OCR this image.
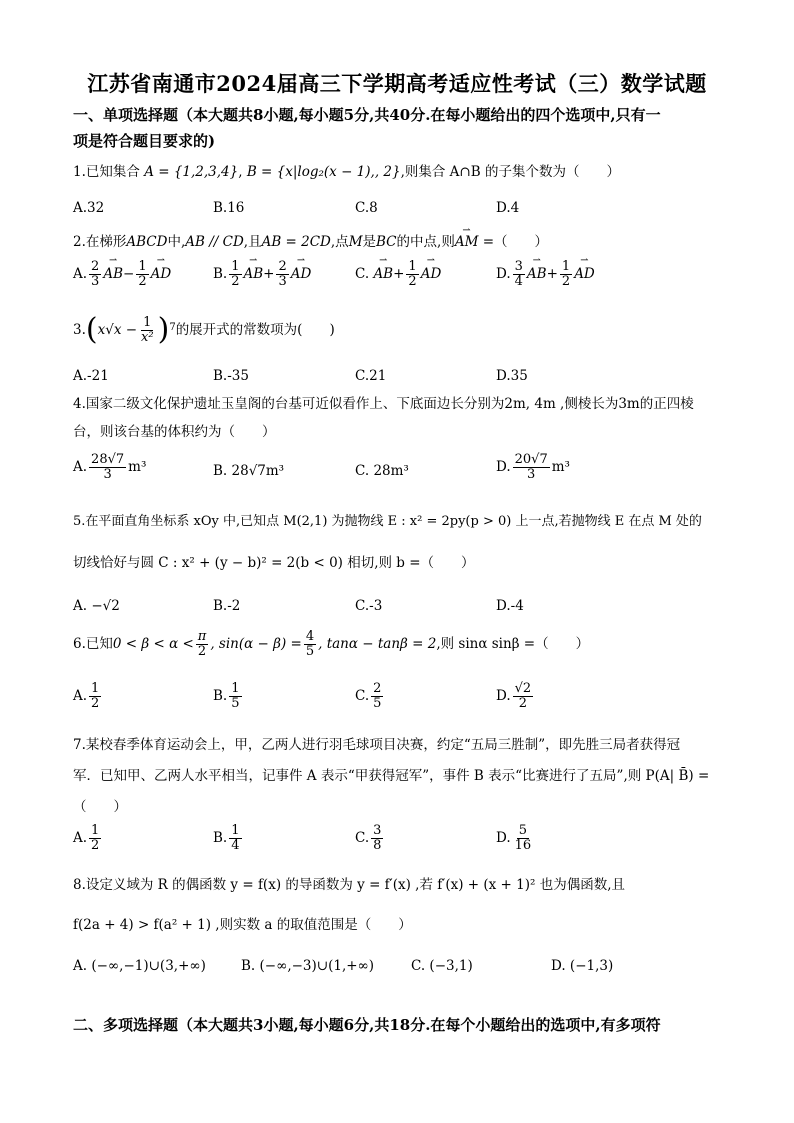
江苏省南通市2024届高三下学期高考适应性考试（三）数学试题
一、单项选择题（本大题共8小题,每小题5分,共40分.在每小题给出的四个选项中,只有一
项是符合题目要求的)
1.已知集合 A = {1,2,3,4}, B = {x|log₂(x − 1),, 2},则集合 A∩B 的子集个数为（　　）
A.32	B.16	C.8	D.4
2.在梯形ABCD中,AB // CD,且AB = 2CD,点M是BC的中点,则⇀ AM =（　　）
A. $\frac{2}{3}$ ⇀ AB − $\frac{1}{2}$ ⇀ AD	B. $\frac{1}{2}$ ⇀ AB + $\frac{2}{3}$ ⇀ AD	C.
⇀ AB + $\frac{1}{2}$ ⇀ AD	D. $\frac{3}{4}$ ⇀ AB + $\frac{1}{2}$ ⇀ AD
3. ( $x√x - \frac{1}{\text{x²}}$ ) 7 的展开式的常数项为(　　)
A.-21	B.-35	C.21	D.35
4.国家二级文化保护遗址玉皇阁的台基可近似看作上、下底面边长分别为2m, 4m ,侧棱长为3m的正四棱
台，则该台基的体积约为（　　）
A. $\frac{28√7}{3} m^3$	B.
28√7m³	C.
28m³	D. $\frac{20√7}{3} m^3$
5.在平面直角坐标系 xOy 中,已知点 M(2,1) 为抛物线 E : x² = 2py(p > 0) 上一点,若抛物线 E 在点 M 处的
切线恰好与圆 C : x² + (y − b)² = 2(b < 0) 相切,则 b =（　　）
A. −√2	B.-2	C.-3	D.-4
6.已知 $0 < \beta < \alpha < \frac{\pi}{2}$ , $\sin(\alpha - \beta) = \frac{4}{5}$ , tanα − tanβ = 2 ,则 sinα sinβ =（　　）
A. $\frac{1}{2}$	B. $\frac{1}{5}$	C. $\frac{2}{5}$	D. $\frac{√2}{2}$
7.某校春季体育运动会上，甲，乙两人进行羽毛球项目决赛，约定“五局三胜制”，即先胜三局者获得冠
军．已知甲、乙两人水平相当，记事件 A 表示“甲获得冠军”，事件 B 表示“比赛进行了五局”,则 P(A| B̄) =
（　　）
A. $\frac{1}{2}$	B. $\frac{1}{4}$	C. $\frac{3}{8}$	D. $\frac{5}{16}$
8.设定义域为 R 的偶函数 y = f(x) 的导函数为 y = f′(x) ,若 f′(x) + (x + 1)² 也为偶函数,且
f(2a + 4) > f(a² + 1) ,则实数 a 的取值范围是（　　）
A. (−∞,−1)∪(3,+∞)	B. (−∞,−3)∪(1,+∞)	C. (−3,1)	D. (−1,3)
二、多项选择题（本大题共3小题,每小题6分,共18分.在每个小题给出的选项中,有多项符
